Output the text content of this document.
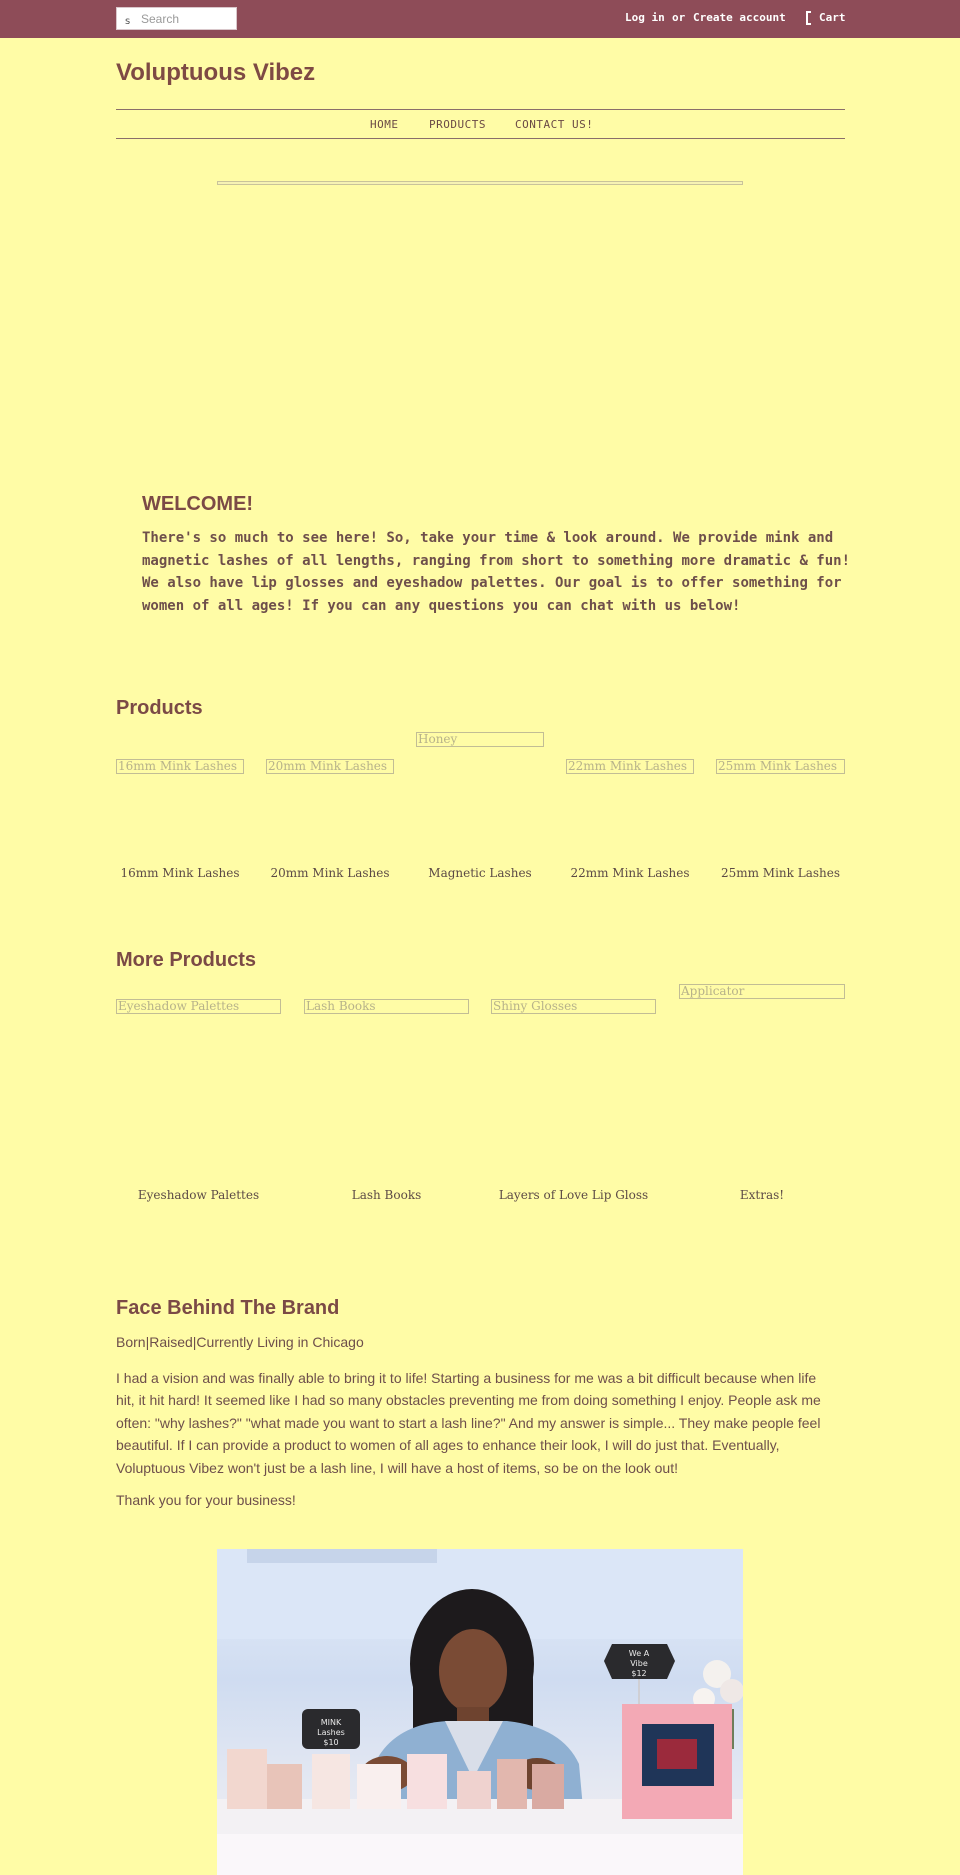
s Search	Log in or Create account	Cart
Voluptuous Vibez
HOME	PRODUCTS	CONTACT US!
WELCOME!
There's so much to see here! So, take your time & look around. We provide mink and magnetic lashes of all lengths, ranging from short to something more dramatic & fun! We also have lip glosses and eyeshadow palettes. Our goal is to offer something for women of all ages! If you can any questions you can chat with us below!
Products
16mm Mink Lashes	20mm Mink Lashes
Honey
22mm Mink Lashes	25mm Mink Lashes
16mm Mink Lashes	20mm Mink Lashes	Magnetic Lashes	22mm Mink Lashes	25mm Mink Lashes
More Products
Eyeshadow Palettes	Lash Books	Shiny Glosses
Applicator
Eyeshadow Palettes	Lash Books	Layers of Love Lip Gloss	Extras!
Face Behind The Brand
Born|Raised|Currently Living in Chicago
I had a vision and was finally able to bring it to life! Starting a business for me was a bit difficult because when life hit, it hit hard! It seemed like I had so many obstacles preventing me from doing something I enjoy. People ask me often: "why lashes?" "what made you want to start a lash line?" And my answer is simple... They make people feel beautiful. If I can provide a product to women of all ages to enhance their look, I will do just that. Eventually, Voluptuous Vibez won't just be a lash line, I will have a host of items, so be on the look out!
Thank you for your business!
MINK
Lashes
$10
We A
Vibe
$12
